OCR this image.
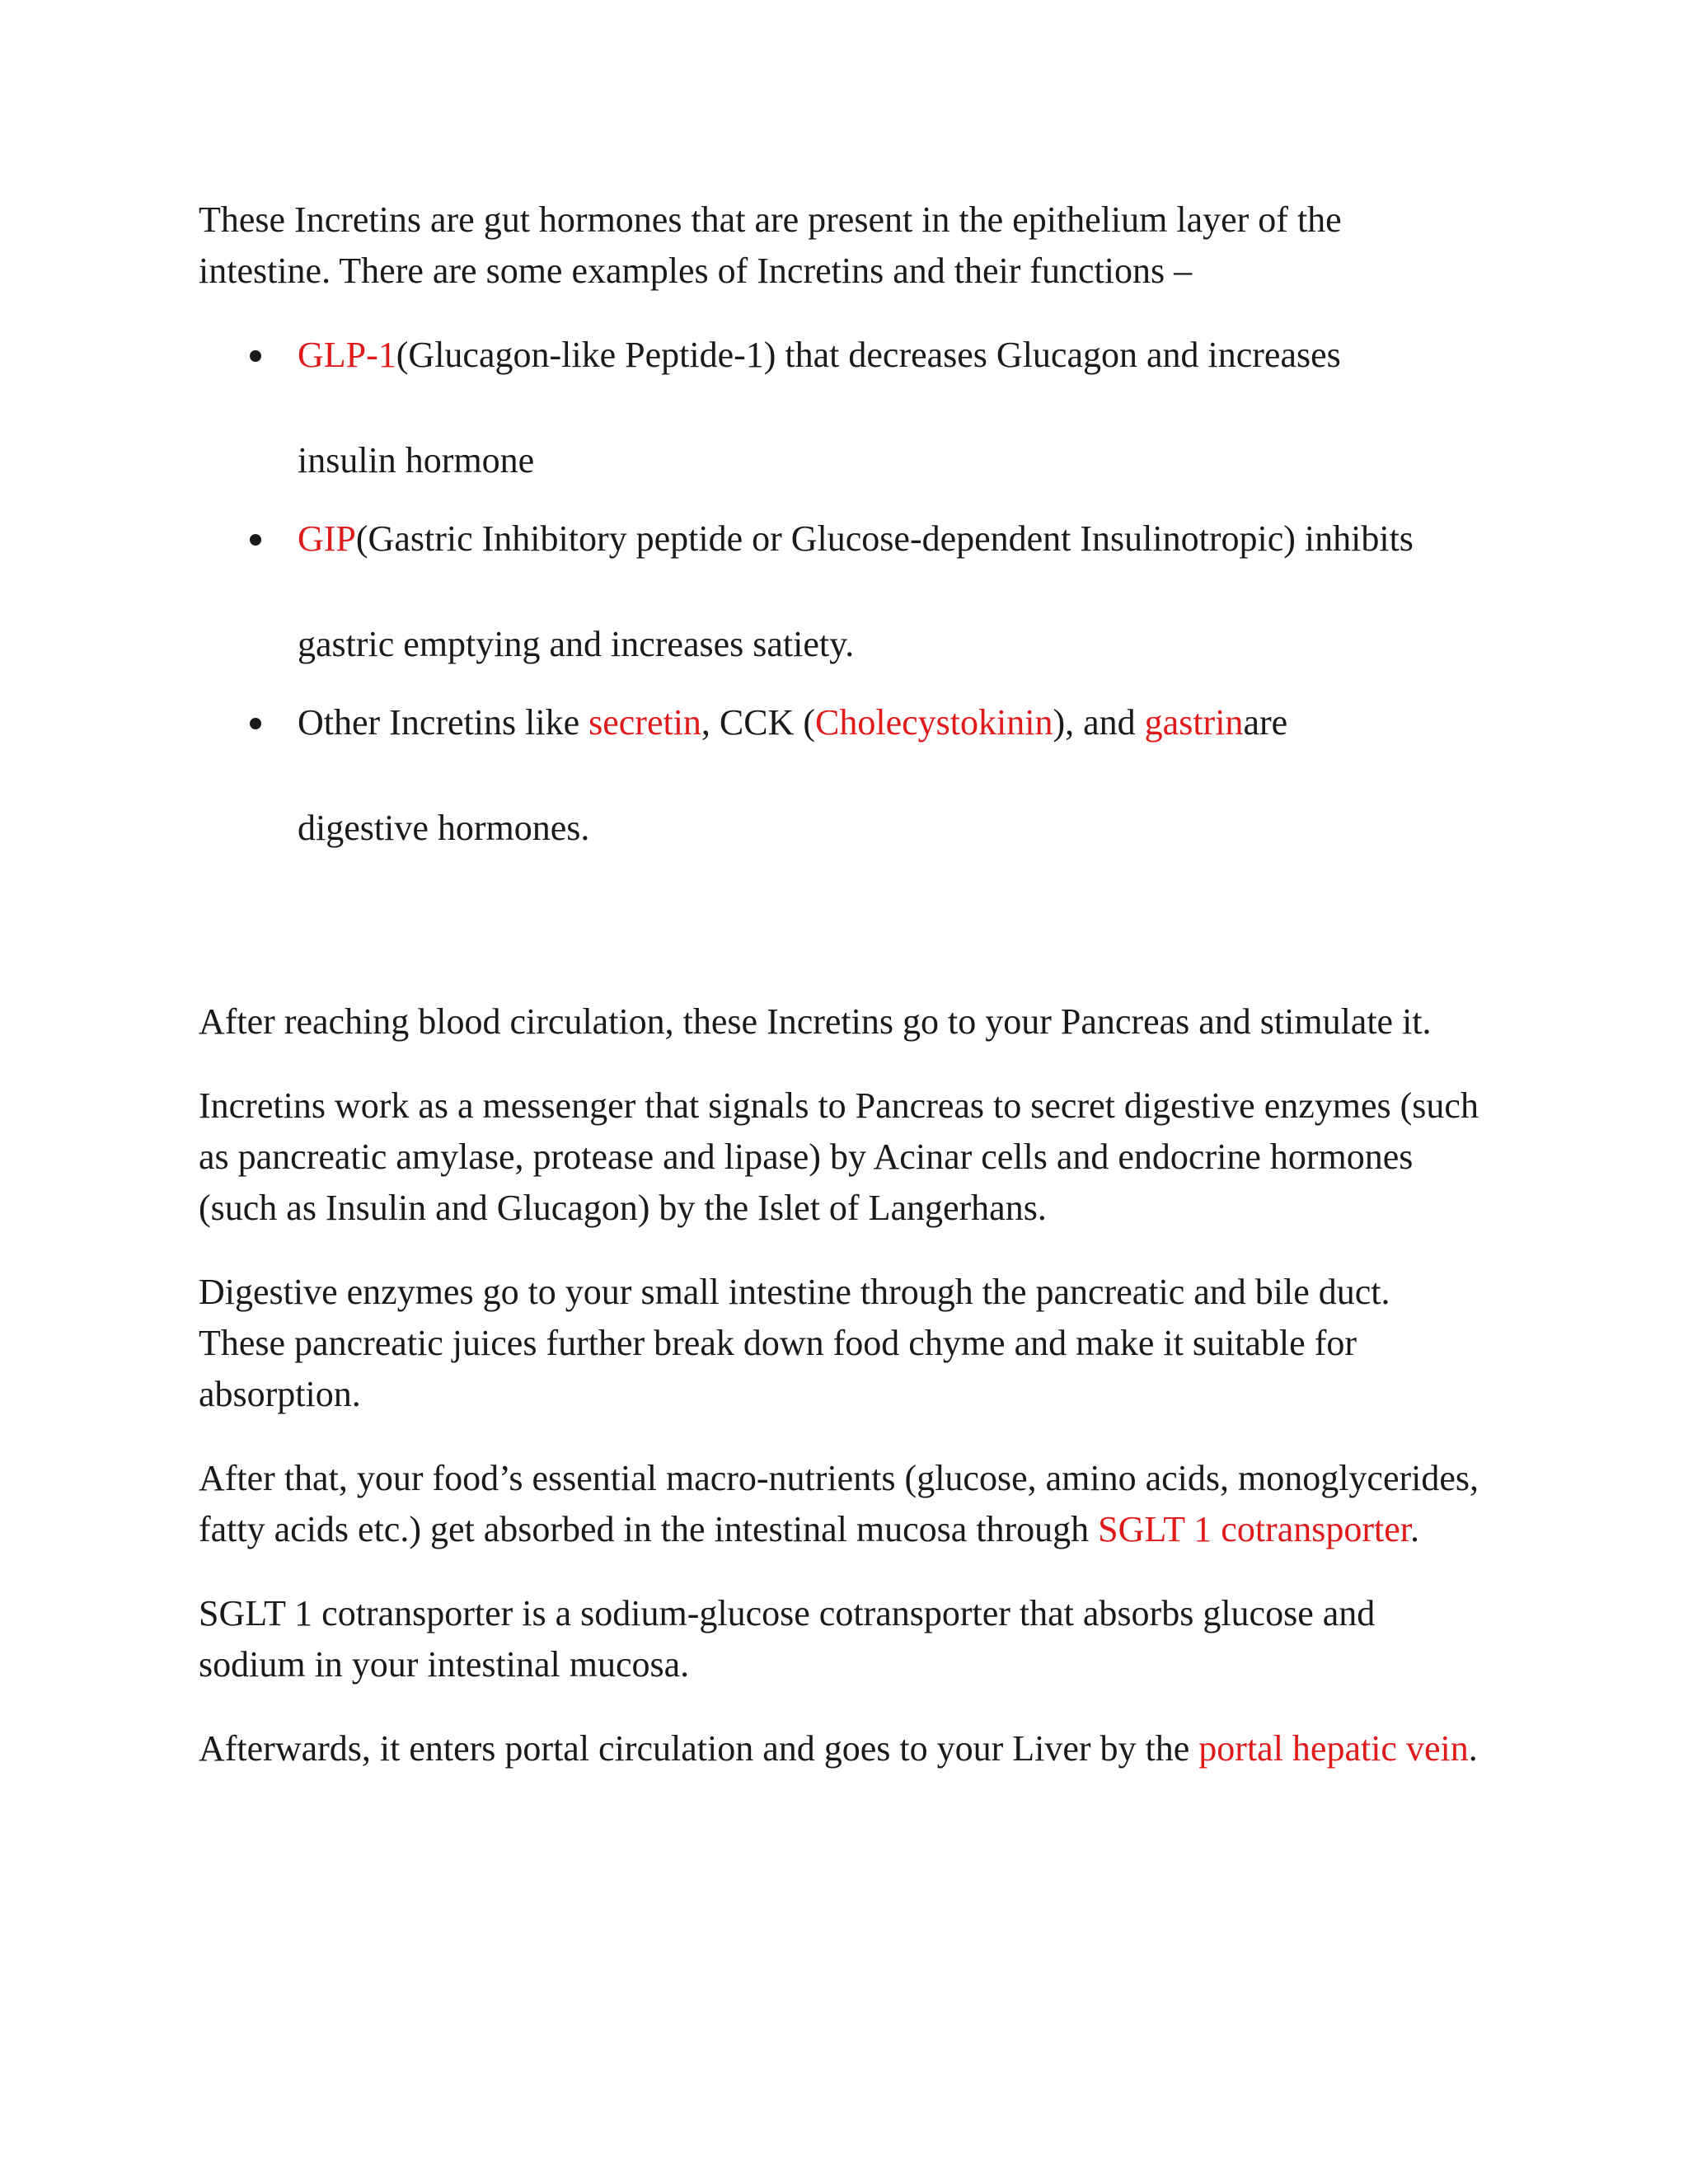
These Incretins are gut hormones that are present in the epithelium layer of the
intestine. There are some examples of Incretins and their functions –

GLP-1(Glucagon-like Peptide-1) that decreases Glucagon and increases
insulin hormone
GIP(Gastric Inhibitory peptide or Glucose-dependent Insulinotropic) inhibits
gastric emptying and increases satiety.
Other Incretins like secretin, CCK (Cholecystokinin), and gastrinare
digestive hormones.

After reaching blood circulation, these Incretins go to your Pancreas and stimulate it.

Incretins work as a messenger that signals to Pancreas to secret digestive enzymes (such as pancreatic amylase, protease and lipase) by Acinar cells and endocrine hormones (such as Insulin and Glucagon) by the Islet of Langerhans.

Digestive enzymes go to your small intestine through the pancreatic and bile duct. These pancreatic juices further break down food chyme and make it suitable for absorption.

After that, your food’s essential macro-nutrients (glucose, amino acids, monoglycerides, fatty acids etc.) get absorbed in the intestinal mucosa through SGLT 1 cotransporter.

SGLT 1 cotransporter is a sodium-glucose cotransporter that absorbs glucose and sodium in your intestinal mucosa.

Afterwards, it enters portal circulation and goes to your Liver by the portal hepatic vein.
